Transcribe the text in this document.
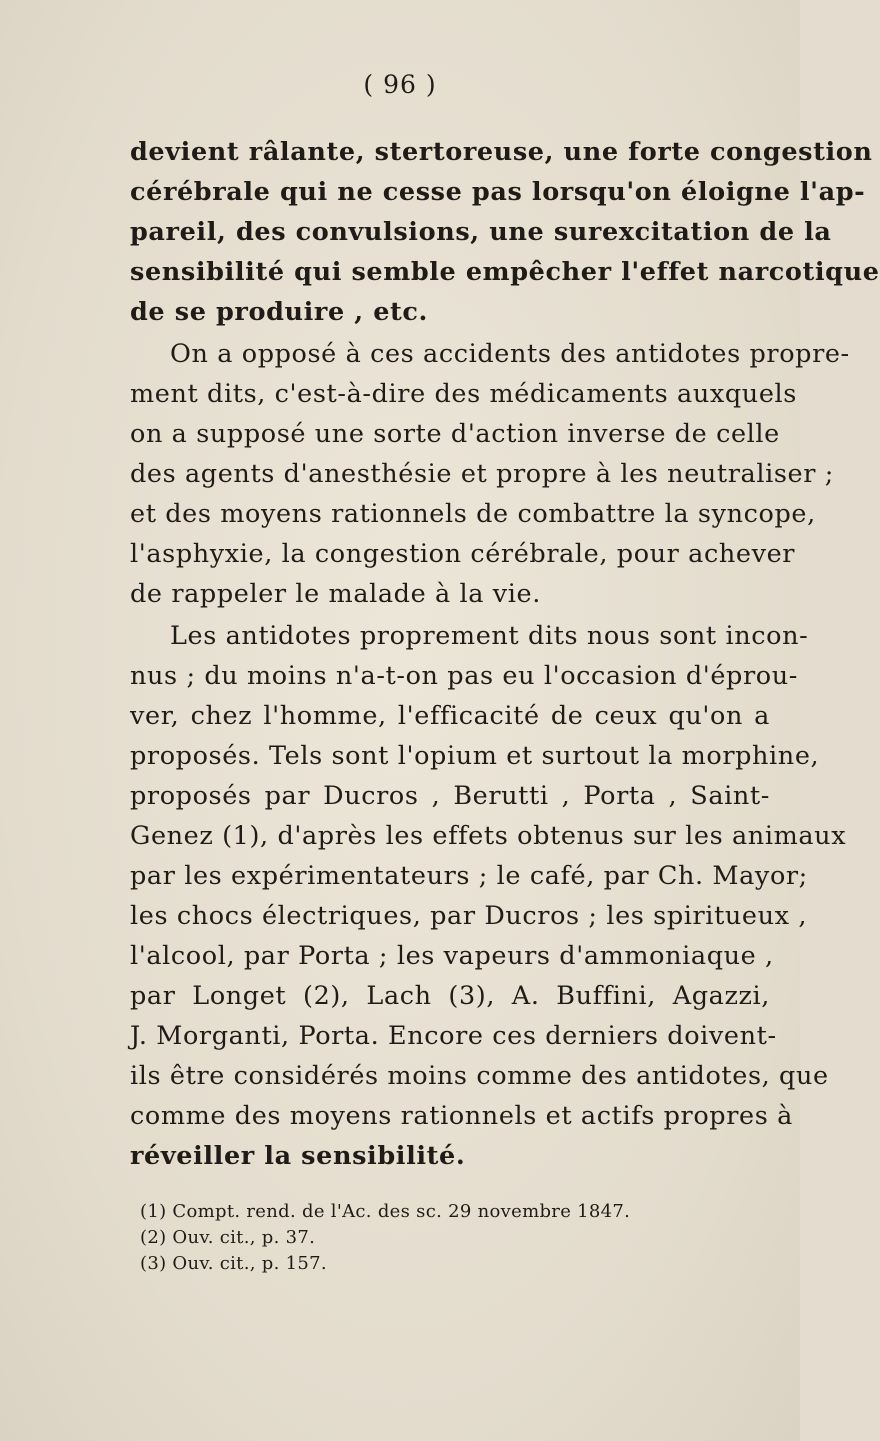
( 96 )
devient râlante, stertoreuse, une forte congestion
cérébrale qui ne cesse pas lorsqu'on éloigne l'ap-
pareil, des convulsions, une surexcitation de la
sensibilité qui semble empêcher l'effet narcotique
de se produire , etc.
On a opposé à ces accidents des antidotes propre-
ment dits, c'est-à-dire des médicaments auxquels
on a supposé une sorte d'action inverse de celle
des agents d'anesthésie et propre à les neutraliser ;
et des moyens rationnels de combattre la syncope,
l'asphyxie, la congestion cérébrale, pour achever
de rappeler le malade à la vie.
Les antidotes proprement dits nous sont incon-
nus ; du moins n'a-t-on pas eu l'occasion d'éprou-
ver, chez l'homme, l'efficacité de ceux qu'on a
proposés. Tels sont l'opium et surtout la morphine,
proposés par Ducros , Berutti , Porta , Saint-
Genez (1), d'après les effets obtenus sur les animaux
par les expérimentateurs ; le café, par Ch. Mayor;
les chocs électriques, par Ducros ; les spiritueux ,
l'alcool, par Porta ; les vapeurs d'ammoniaque ,
par Longet (2), Lach (3), A. Buffini, Agazzi,
J. Morganti, Porta. Encore ces derniers doivent-
ils être considérés moins comme des antidotes, que
comme des moyens rationnels et actifs propres à
réveiller la sensibilité.
(1) Compt. rend. de l'Ac. des sc. 29 novembre 1847.
(2) Ouv. cit., p. 37.
(3) Ouv. cit., p. 157.
